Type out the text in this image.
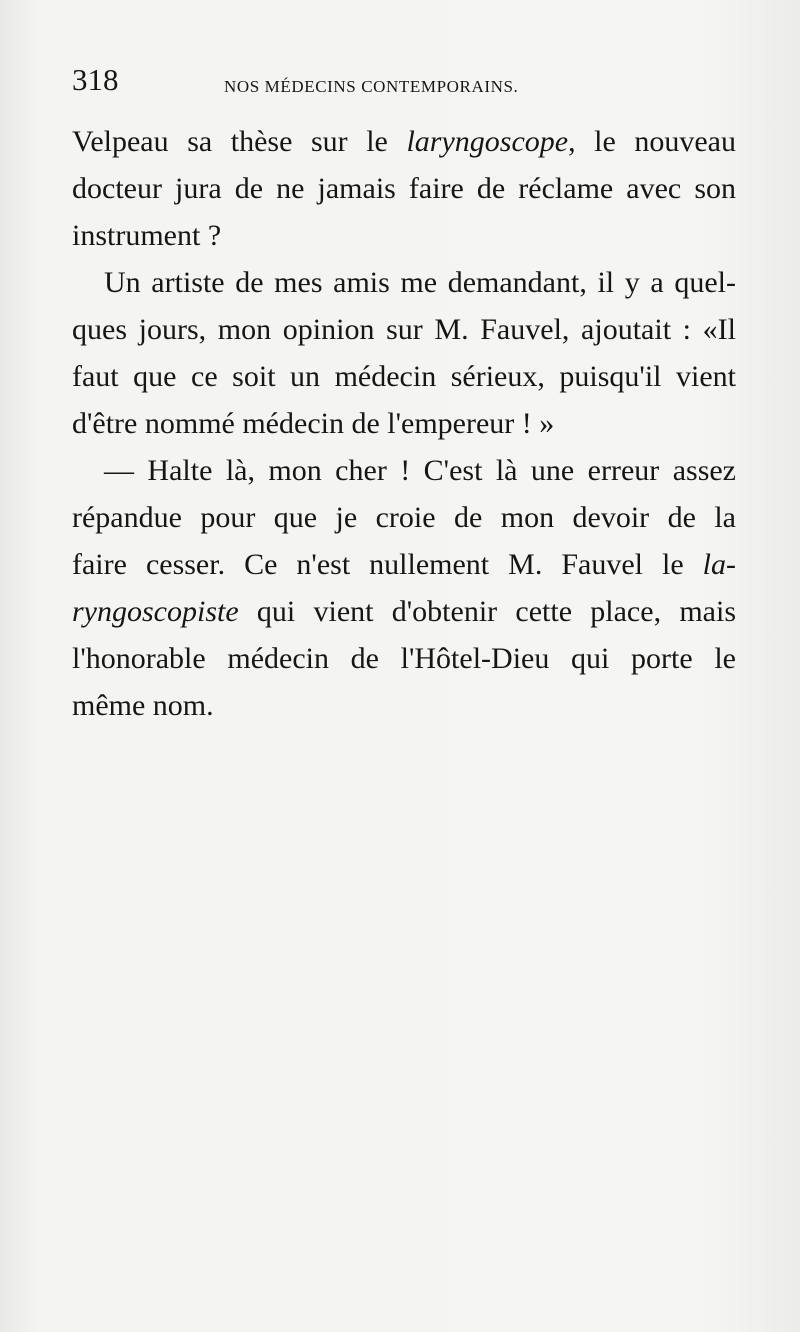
318	NOS MÉDECINS CONTEMPORAINS.
Velpeau sa thèse sur le laryngoscope, le nouveau
docteur jura de ne jamais faire de réclame avec son
instrument ?
Un artiste de mes amis me demandant, il y a quel-
ques jours, mon opinion sur M. Fauvel, ajoutait : «Il
faut que ce soit un médecin sérieux, puisqu'il vient
d'être nommé médecin de l'empereur ! »
— Halte là, mon cher ! C'est là une erreur assez
répandue pour que je croie de mon devoir de la
faire cesser. Ce n'est nullement M. Fauvel le la-
ryngoscopiste qui vient d'obtenir cette place, mais
l'honorable médecin de l'Hôtel-Dieu qui porte le
même nom.
